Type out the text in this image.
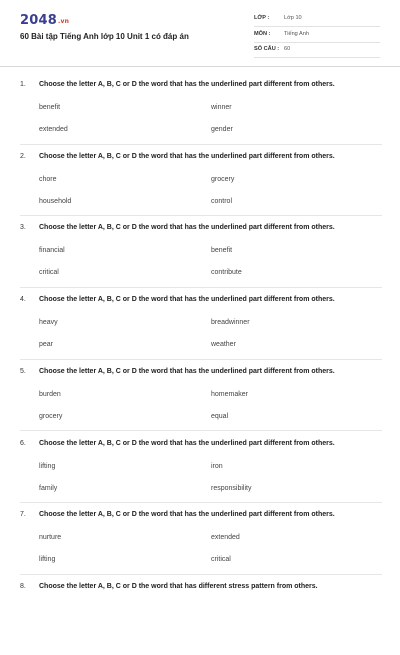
2048.vn
60 Bài tập Tiếng Anh lớp 10 Unit 1 có đáp án
LỚP :	Lớp 10
MÔN : Tiếng Anh
SỐ CÂU : 60
1. Choose the letter A, B, C or D the word that has the underlined part different from others.
benefit	winner
extended	gender
2. Choose the letter A, B, C or D the word that has the underlined part different from others.
chore	grocery
household	control
3. Choose the letter A, B, C or D the word that has the underlined part different from others.
financial	benefit
critical	contribute
4. Choose the letter A, B, C or D the word that has the underlined part different from others.
heavy	breadwinner
pear	weather
5. Choose the letter A, B, C or D the word that has the underlined part different from others.
burden	homemaker
grocery	equal
6. Choose the letter A, B, C or D the word that has the underlined part different from others.
lifting	iron
family	responsibility
7. Choose the letter A, B, C or D the word that has the underlined part different from others.
nurture	extended
lifting	critical
8. Choose the letter A, B, C or D the word that has different stress pattern from others.
